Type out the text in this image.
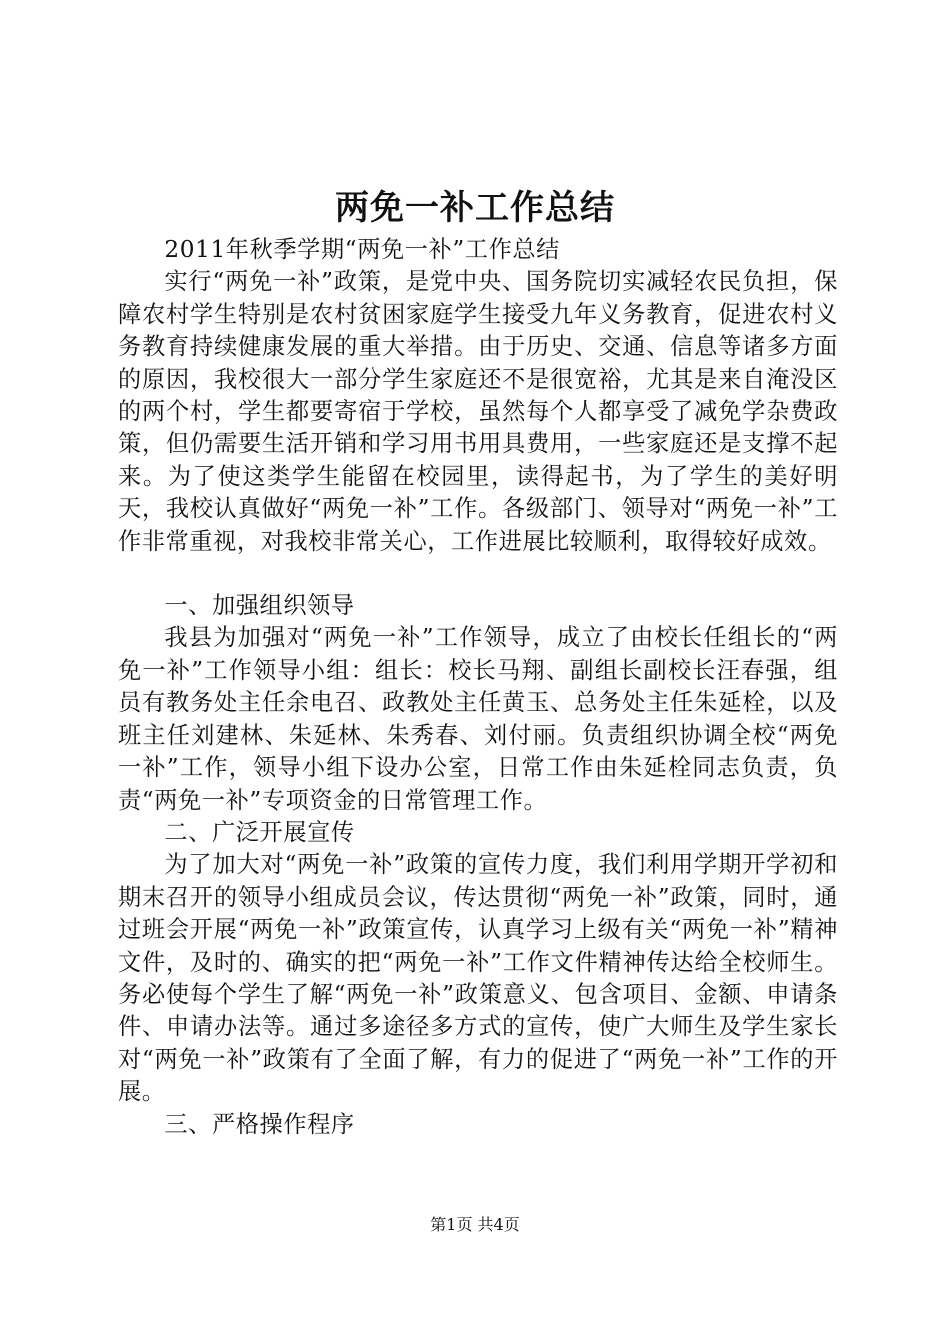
两免一补工作总结

2011年秋季学期“两免一补”工作总结

实行“两免一补”政策，是党中央、国务院切实减轻农民负担，保障农村学生特别是农村贫困家庭学生接受九年义务教育，促进农村义务教育持续健康发展的重大举措。由于历史、交通、信息等诸多方面的原因，我校很大一部分学生家庭还不是很宽裕，尤其是来自淹没区的两个村，学生都要寄宿于学校，虽然每个人都享受了减免学杂费政策，但仍需要生活开销和学习用书用具费用，一些家庭还是支撑不起来。为了使这类学生能留在校园里，读得起书，为了学生的美好明天，我校认真做好“两免一补”工作。各级部门、领导对“两免一补”工作非常重视，对我校非常关心，工作进展比较顺利，取得较好成效。

一、加强组织领导

我县为加强对“两免一补”工作领导，成立了由校长任组长的“两免一补”工作领导小组：组长：校长马翔、副组长副校长汪春强，组员有教务处主任余电召、政教处主任黄玉、总务处主任朱延栓，以及班主任刘建林、朱延林、朱秀春、刘付丽。负责组织协调全校“两免一补”工作，领导小组下设办公室，日常工作由朱延栓同志负责，负责“两免一补”专项资金的日常管理工作。

二、广泛开展宣传

为了加大对“两免一补”政策的宣传力度，我们利用学期开学初和期末召开的领导小组成员会议，传达贯彻“两免一补”政策，同时，通过班会开展“两免一补”政策宣传，认真学习上级有关“两免一补”精神文件，及时的、确实的把“两免一补”工作文件精神传达给全校师生。务必使每个学生了解“两免一补”政策意义、包含项目、金额、申请条件、申请办法等。通过多途径多方式的宣传，使广大师生及学生家长对“两免一补”政策有了全面了解，有力的促进了“两免一补”工作的开展。

三、严格操作程序

第1页 共4页
